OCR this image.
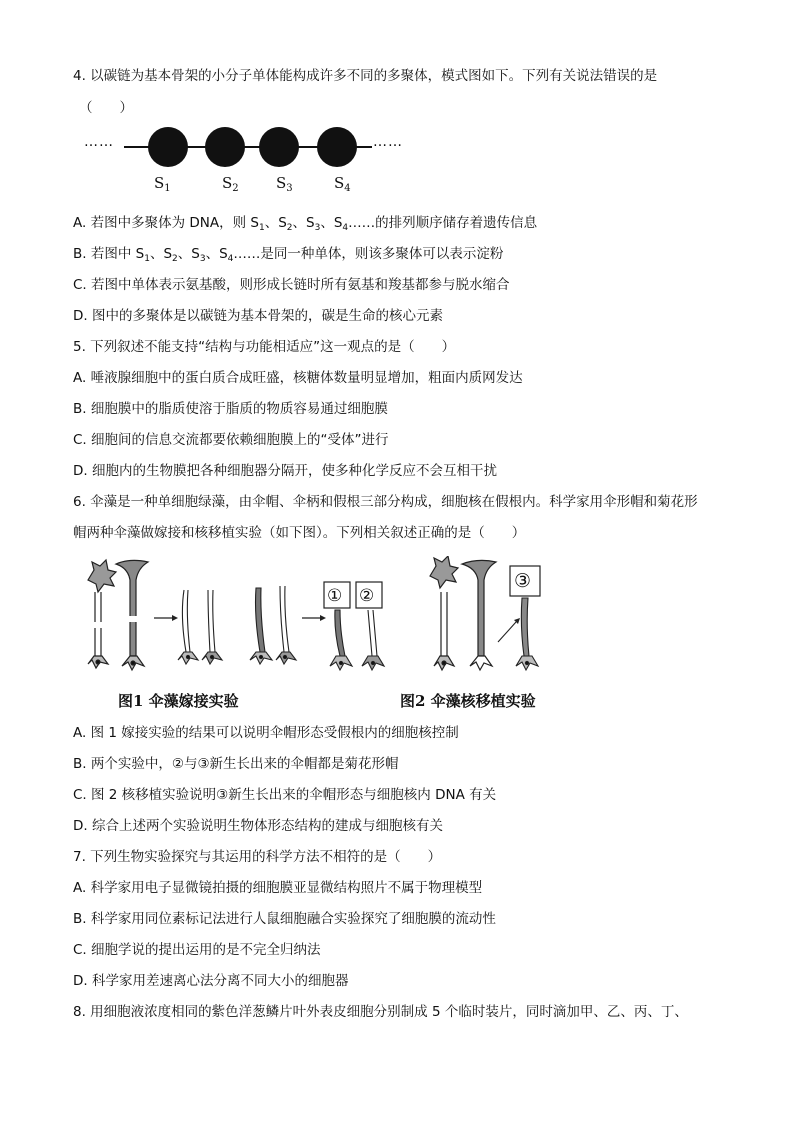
4. 以碳链为基本骨架的小分子单体能构成许多不同的多聚体，模式图如下。下列有关说法错误的是
（　　）
……	……
$S_1$	$S_2$ $S_3$	$S_4$
A. 若图中多聚体为 DNA，则 $S_1$、$S_2$、$S_3$、$S_4\dots\dots$的排列顺序储存着遗传信息
B. 若图中 $S_1$、$S_2$、$S_3$、$S_4\dots\dots$是同一种单体，则该多聚体可以表示淀粉
C. 若图中单体表示氨基酸，则形成长链时所有氨基和羧基都参与脱水缩合
D. 图中的多聚体是以碳链为基本骨架的，碳是生命的核心元素
5. 下列叙述不能支持“结构与功能相适应”这一观点的是（　　）
A. 唾液腺细胞中的蛋白质合成旺盛，核糖体数量明显增加，粗面内质网发达
B. 细胞膜中的脂质使溶于脂质的物质容易通过细胞膜
C. 细胞间的信息交流都要依赖细胞膜上的“受体”进行
D. 细胞内的生物膜把各种细胞器分隔开，使多种化学反应不会互相干扰
6. 伞藻是一种单细胞绿藻，由伞帽、伞柄和假根三部分构成，细胞核在假根内。科学家用伞形帽和菊花形
帽两种伞藻做嫁接和核移植实验（如下图）。下列相关叙述正确的是（　　）
① ②
③
图1 伞藻嫁接实验	图2 伞藻核移植实验
A. 图 1 嫁接实验的结果可以说明伞帽形态受假根内的细胞核控制
B. 两个实验中，②与③新生长出来的伞帽都是菊花形帽
C. 图 2 核移植实验说明③新生长出来的伞帽形态与细胞核内 DNA 有关
D. 综合上述两个实验说明生物体形态结构的建成与细胞核有关
7. 下列生物实验探究与其运用的科学方法不相符的是（　　）
A. 科学家用电子显微镜拍摄的细胞膜亚显微结构照片不属于物理模型
B. 科学家用同位素标记法进行人鼠细胞融合实验探究了细胞膜的流动性
C. 细胞学说的提出运用的是不完全归纳法
D. 科学家用差速离心法分离不同大小的细胞器
8. 用细胞液浓度相同的紫色洋葱鳞片叶外表皮细胞分别制成 5 个临时装片，同时滴加甲、乙、丙、丁、
